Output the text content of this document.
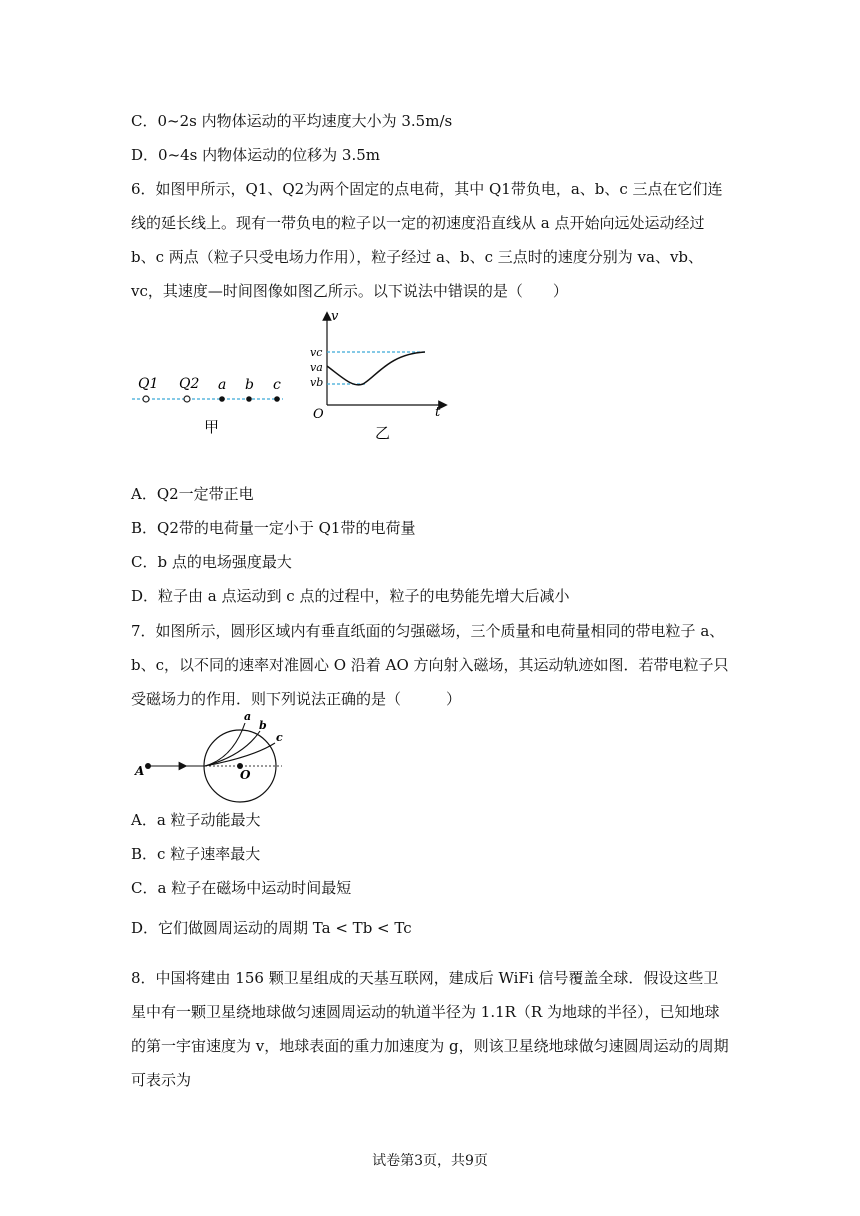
C．0~2s 内物体运动的平均速度大小为 3.5m/s
D．0~4s 内物体运动的位移为 3.5m
6．如图甲所示，Q1、Q2为两个固定的点电荷，其中 Q1带负电，a、b、c 三点在它们连线的延长线上。现有一带负电的粒子以一定的初速度沿直线从 a 点开始向远处运动经过 b、c 两点（粒子只受电场力作用），粒子经过 a、b、c 三点时的速度分别为 va、vb、vc，其速度—时间图像如图乙所示。以下说法中错误的是（　　）
Q1 Q2 a b c
甲
v
vc
va
vb
O	t
乙
A．Q2一定带正电
B．Q2带的电荷量一定小于 Q1带的电荷量
C．b 点的电场强度最大
D．粒子由 a 点运动到 c 点的过程中，粒子的电势能先增大后减小
7．如图所示，圆形区域内有垂直纸面的匀强磁场，三个质量和电荷量相同的带电粒子 a、b、c，以不同的速率对准圆心 O 沿着 AO 方向射入磁场，其运动轨迹如图．若带电粒子只受磁场力的作用．则下列说法正确的是（　　　）
A	O
a
b
c
A．a 粒子动能最大
B．c 粒子速率最大
C．a 粒子在磁场中运动时间最短
D．它们做圆周运动的周期 Ta < Tb < Tc
8．中国将建由 156 颗卫星组成的天基互联网，建成后 WiFi 信号覆盖全球．假设这些卫星中有一颗卫星绕地球做匀速圆周运动的轨道半径为 1.1R（R 为地球的半径），已知地球的第一宇宙速度为 v，地球表面的重力加速度为 g，则该卫星绕地球做匀速圆周运动的周期可表示为
试卷第3页，共9页
